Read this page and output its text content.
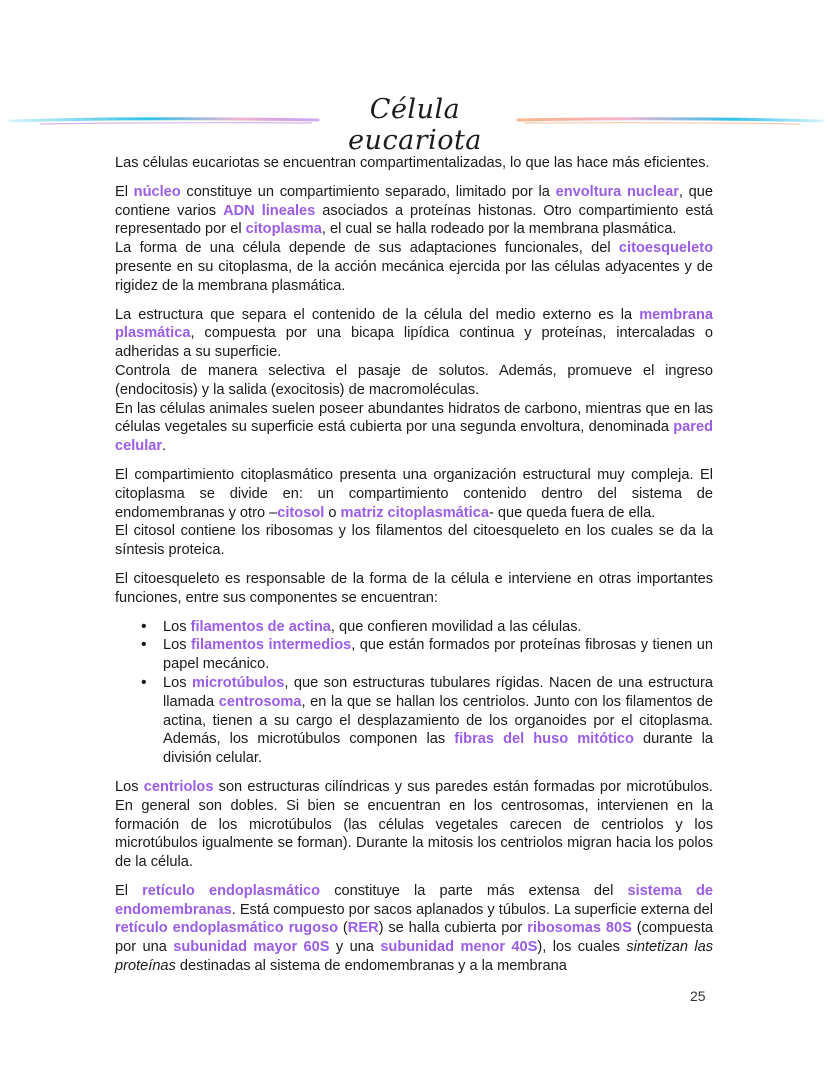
Célula eucariota

Las células eucariotas se encuentran compartimentalizadas, lo que las hace más eficientes.

El núcleo constituye un compartimiento separado, limitado por la envoltura nuclear, que contiene varios ADN lineales asociados a proteínas histonas. Otro compartimiento está representado por el citoplasma, el cual se halla rodeado por la membrana plasmática.

La forma de una célula depende de sus adaptaciones funcionales, del citoesqueleto presente en su citoplasma, de la acción mecánica ejercida por las células adyacentes y de rigidez de la membrana plasmática.

La estructura que separa el contenido de la célula del medio externo es la membrana plasmática, compuesta por una bicapa lipídica continua y proteínas, intercaladas o adheridas a su superficie.

Controla de manera selectiva el pasaje de solutos. Además, promueve el ingreso (endocitosis) y la salida (exocitosis) de macromoléculas.

En las células animales suelen poseer abundantes hidratos de carbono, mientras que en las células vegetales su superficie está cubierta por una segunda envoltura, denominada pared celular.

El compartimiento citoplasmático presenta una organización estructural muy compleja. El citoplasma se divide en: un compartimiento contenido dentro del sistema de endomembranas y otro –citosol o matriz citoplasmática- que queda fuera de ella.

El citosol contiene los ribosomas y los filamentos del citoesqueleto en los cuales se da la síntesis proteica.

El citoesqueleto es responsable de la forma de la célula e interviene en otras importantes funciones, entre sus componentes se encuentran:

• Los filamentos de actina, que confieren movilidad a las células.
• Los filamentos intermedios, que están formados por proteínas fibrosas y tienen un papel mecánico.
• Los microtúbulos, que son estructuras tubulares rígidas. Nacen de una estructura llamada centrosoma, en la que se hallan los centriolos. Junto con los filamentos de actina, tienen a su cargo el desplazamiento de los organoides por el citoplasma. Además, los microtúbulos componen las fibras del huso mitótico durante la división celular.

Los centriolos son estructuras cilíndricas y sus paredes están formadas por microtúbulos. En general son dobles. Si bien se encuentran en los centrosomas, intervienen en la formación de los microtúbulos (las células vegetales carecen de centriolos y los microtúbulos igualmente se forman). Durante la mitosis los centriolos migran hacia los polos de la célula.

El retículo endoplasmático constituye la parte más extensa del sistema de endomembranas. Está compuesto por sacos aplanados y túbulos. La superficie externa del retículo endoplasmático rugoso (RER) se halla cubierta por ribosomas 80S (compuesta por una subunidad mayor 60S y una subunidad menor 40S), los cuales sintetizan las proteínas destinadas al sistema de endomembranas y a la membrana

25
